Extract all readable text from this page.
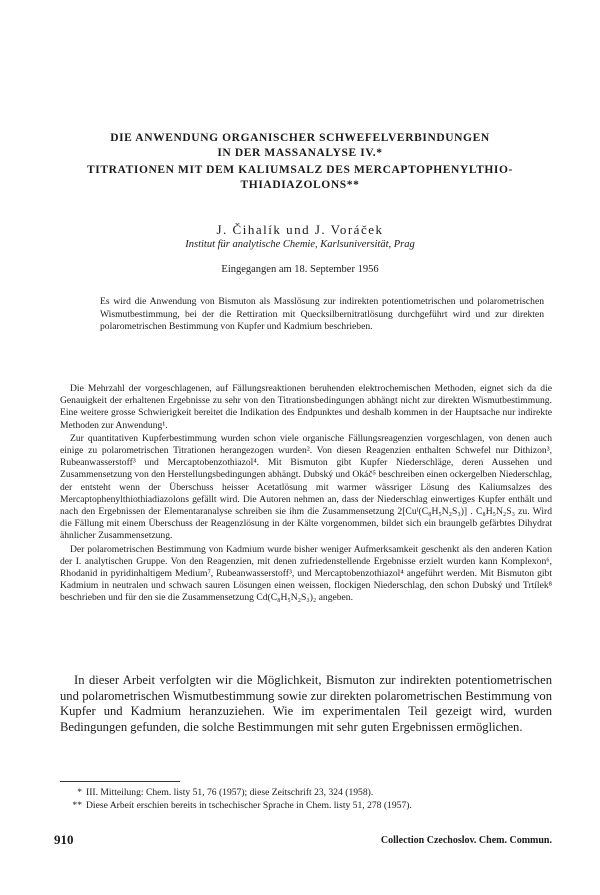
DIE ANWENDUNG ORGANISCHER SCHWEFELVERBINDUNGEN

IN DER MASSANALYSE IV.*

TITRATIONEN MIT DEM KALIUMSALZ DES MERCAPTOPHENYLTHIO-

THIADIAZOLONS**

J. Čihalík und J. Voráček

Institut für analytische Chemie, Karlsuniversität, Prag

Eingegangen am 18. September 1956

Es wird die Anwendung von Bismuton als Masslösung zur indirekten potentiometrischen und polarometrischen Wismutbestimmung, bei der die Rettiration mit Quecksilbernitratlösung durchgeführt wird und zur direkten polarometrischen Bestimmung von Kupfer und Kadmium beschrieben.

Die Mehrzahl der vorgeschlagenen, auf Fällungsreaktionen beruhenden elektrochemischen Methoden, eignet sich da die Genauigkeit der erhaltenen Ergebnisse zu sehr von den Titrationsbedingungen abhängt nicht zur direkten Wismutbestimmung. Eine weitere grosse Schwierigkeit bereitet die Indikation des Endpunktes und deshalb kommen in der Hauptsache nur indirekte Methoden zur Anwendung¹.

Zur quantitativen Kupferbestimmung wurden schon viele organische Fällungsreagenzien vorgeschlagen, von denen auch einige zu polarometrischen Titrationen herangezogen wurden². Von diesen Reagenzien enthalten Schwefel nur Dithizon³, Rubeanwasserstoff³ und Mercaptobenzothiazol⁴. Mit Bismuton gibt Kupfer Niederschläge, deren Aussehen und Zusammensetzung von den Herstellungsbedingungen abhängt. Dubský und Okáč⁵ beschreiben einen ockergelben Niederschlag, der entsteht wenn der Überschuss heisser Acetatlösung mit warmer wässriger Lösung des Kaliumsalzes des Mercaptophenylthiothiadiazolons gefällt wird. Die Autoren nehmen an, dass der Niederschlag einwertiges Kupfer enthält und nach den Ergebnissen der Elementaranalyse schreiben sie ihm die Zusammensetzung 2[Cuᴵ(C₈H₅N₂S₃)] . C₈H₅N₂S₃ zu. Wird die Fällung mit einem Überschuss der Reagenzlösung in der Kälte vorgenommen, bildet sich ein braungelb gefärbtes Dihydrat ähnlicher Zusammensetzung.

Der polarometrischen Bestimmung von Kadmium wurde bisher weniger Aufmerksamkeit geschenkt als den anderen Kation der I. analytischen Gruppe. Von den Reagenzien, mit denen zufriedenstellende Ergebnisse erzielt wurden kann Komplexon⁶, Rhodanid in pyridinhaltigem Medium⁷, Rubeanwasserstoff³, und Mercaptobenzothiazol⁴ angeführt werden. Mit Bismuton gibt Kadmium in neutralen und schwach sauren Lösungen einen weissen, flockigen Niederschlag, den schon Dubský und Trtílek⁸ beschrieben und für den sie die Zusammensetzung Cd(C₈H₅N₂S₃)₂ angeben.

In dieser Arbeit verfolgten wir die Möglichkeit, Bismuton zur indirekten potentiometrischen und polarometrischen Wismutbestimmung sowie zur direkten polarometrischen Bestimmung von Kupfer und Kadmium heranzuziehen. Wie im experimentalen Teil gezeigt wird, wurden Bedingungen gefunden, die solche Bestimmungen mit sehr guten Ergebnissen ermöglichen.

* III. Mitteilung: Chem. listy 51, 76 (1957); diese Zeitschrift 23, 324 (1958).

** Diese Arbeit erschien bereits in tschechischer Sprache in Chem. listy 51, 278 (1957).

910	Collection Czechoslov. Chem. Commun.
